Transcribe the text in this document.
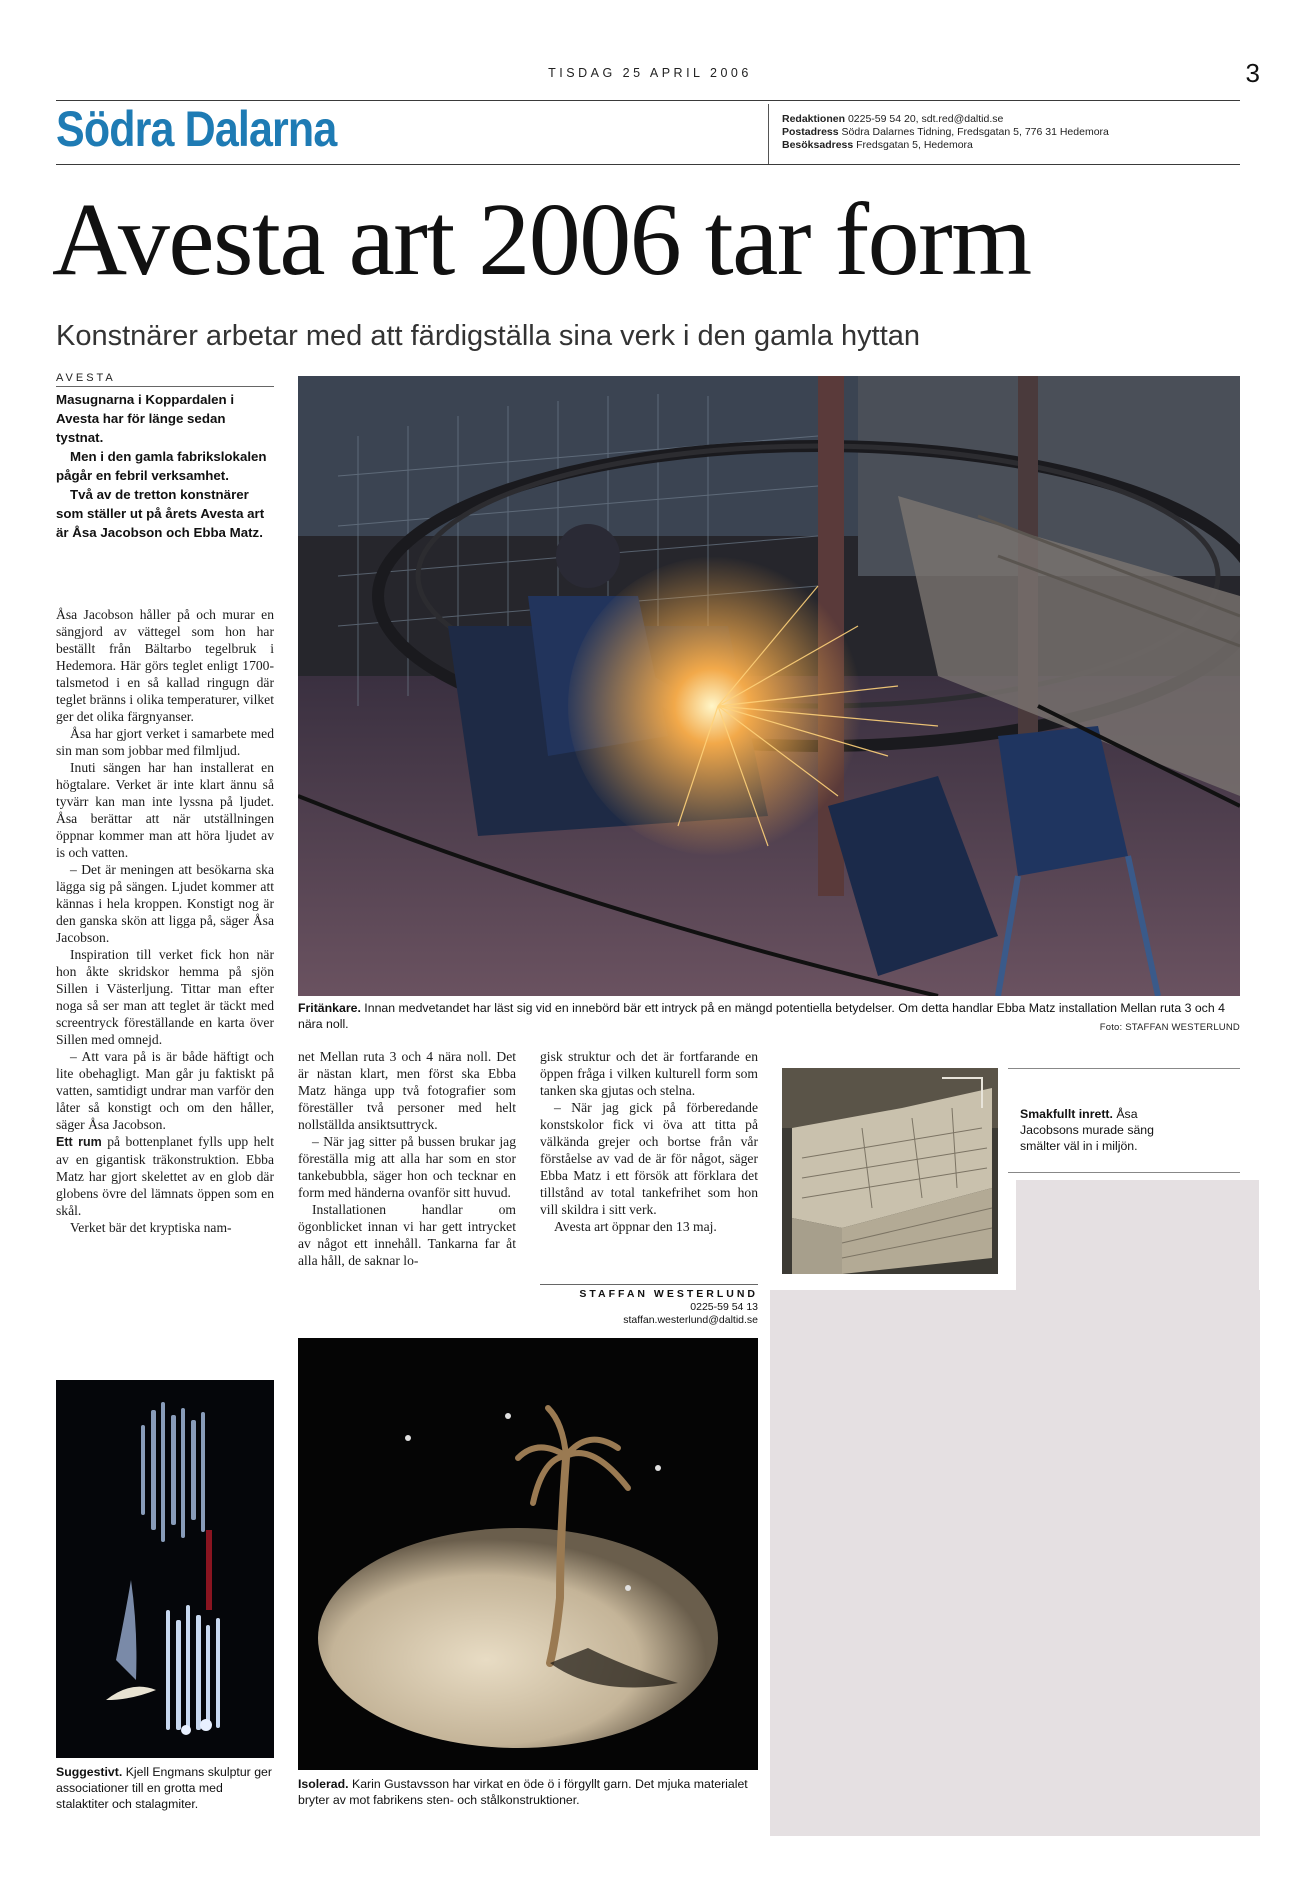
TISDAG 25 APRIL 2006	3
Södra Dalarna	Redaktionen 0225-59 54 20, sdt.red@daltid.se
Postadress Södra Dalarnes Tidning, Fredsgatan 5, 776 31 Hedemora
Besöksadress Fredsgatan 5, Hedemora
Avesta art 2006 tar form
Konstnärer arbetar med att färdigställa sina verk i den gamla hyttan
AVESTA

Masugnarna i Koppardalen i Avesta har för länge sedan tystnat.

Men i den gamla fabrikslokalen pågår en febril verksamhet.

Två av de tretton konstnärer som ställer ut på årets Avesta art är Åsa Jacobson och Ebba Matz.

Åsa Jacobson håller på och murar en sängjord av vättegel som hon har beställt från Bältarbo tegelbruk i Hedemora. Här görs teglet enligt 1700-talsmetod i en så kallad ringugn där teglet bränns i olika temperaturer, vilket ger det olika färgnyanser.

Åsa har gjort verket i samarbete med sin man som jobbar med filmljud.

Inuti sängen har han installerat en högtalare. Verket är inte klart ännu så tyvärr kan man inte lyssna på ljudet. Åsa berättar att när utställningen öppnar kommer man att höra ljudet av is och vatten.

– Det är meningen att besökarna ska lägga sig på sängen. Ljudet kommer att kännas i hela kroppen. Konstigt nog är den ganska skön att ligga på, säger Åsa Jacobson.

Inspiration till verket fick hon när hon åkte skridskor hemma på sjön Sillen i Västerljung. Tittar man efter noga så ser man att teglet är täckt med screentryck föreställande en karta över Sillen med omnejd.

– Att vara på is är både häftigt och lite obehagligt. Man går ju faktiskt på vatten, samtidigt undrar man varför den låter så konstigt och om den håller, säger Åsa Jacobson.

Ett rum på bottenplanet fylls upp helt av en gigantisk träkonstruktion. Ebba Matz har gjort skelettet av en glob där globens övre del lämnats öppen som en skål.

Verket bär det kryptiska nam-

Fritänkare. Innan medvetandet har läst sig vid en innebörd bär ett intryck på en mängd potentiella betydelser. Om detta handlar Ebba Matz installation Mellan ruta 3 och 4 nära noll.	Foto: STAFFAN WESTERLUND

net Mellan ruta 3 och 4 nära noll. Det är nästan klart, men först ska Ebba Matz hänga upp två fotografier som föreställer två personer med helt nollställda ansiktsuttryck.

– När jag sitter på bussen brukar jag föreställa mig att alla har som en stor tankebubbla, säger hon och tecknar en form med händerna ovanför sitt huvud.

Installationen handlar om ögonblicket innan vi har gett intrycket av något ett innehåll. Tankarna far åt alla håll, de saknar lo-

gisk struktur och det är fortfarande en öppen fråga i vilken kulturell form som tanken ska gjutas och stelna.

– När jag gick på förberedande konstskolor fick vi öva att titta på välkända grejer och bortse från vår förståelse av vad de är för något, säger Ebba Matz i ett försök att förklara det tillstånd av total tankefrihet som hon vill skildra i sitt verk.

Avesta art öppnar den 13 maj.

STAFFAN WESTERLUND
0225-59 54 13
staffan.westerlund@daltid.se
Smakfullt inrett. Åsa Jacobsons murade säng smälter väl in i miljön.
Suggestivt. Kjell Engmans skulptur ger associationer till en grotta med stalaktiter och stalagmiter.
Isolerad. Karin Gustavsson har virkat en öde ö i förgyllt garn. Det mjuka materialet bryter av mot fabrikens sten- och stålkonstruktioner.
